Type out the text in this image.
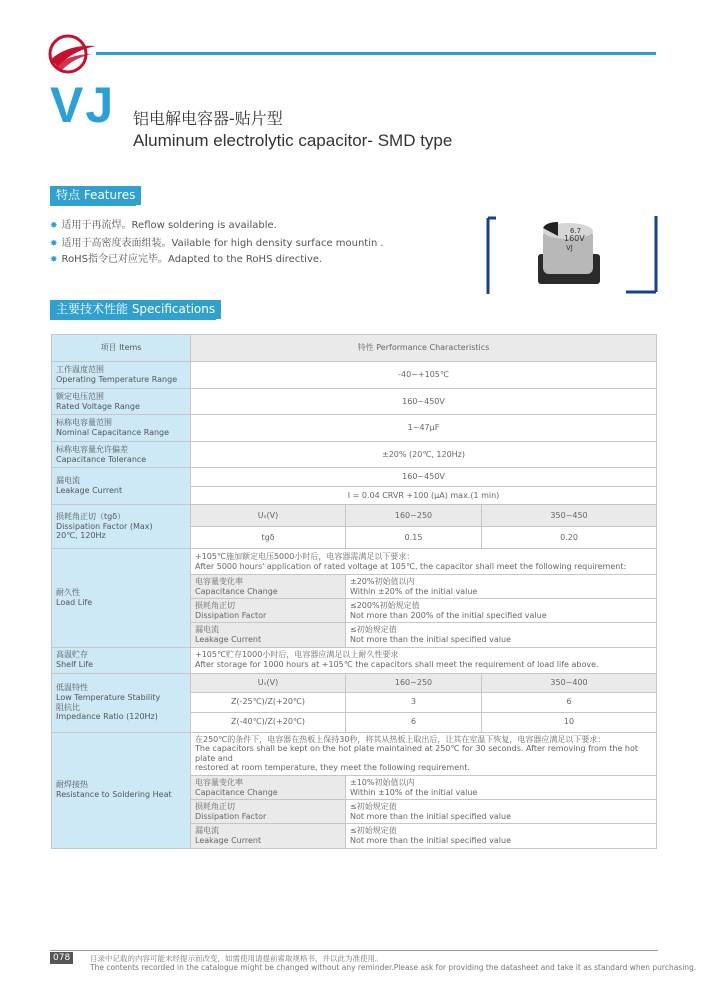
VJ 铝电解电容器-贴片型
Aluminum electrolytic capacitor- SMD type
特点 Features
✸ 适用于再流焊。Reflow soldering is available.
✸ 适用于高密度表面组装。Vailable for high density surface mountin .
✸ RoHS指令已对应完毕。Adapted to the RoHS directive.
6.7
160V
VJ
主要技术性能 Specifications
项目 Items	特性 Performance Characteristics		
工作温度范围
Operating Temperature Range	-40~+105℃		
额定电压范围
Rated Voltage Range	160~450V		
标称电容量范围
Nominal Capacitance Range	1~47μF		
标称电容量允许偏差
Capacitance Tolerance	±20% (20℃, 120Hz)		
漏电流
Leakage Current	160~450V		
	I = 0.04 CRVR +100 (μA) max.(1 min)		
损耗角正切（tgδ）
Dissipation Factor (Max)
20℃, 120Hz	Uₛ(V)	160~250	350~450
	tgδ	0.15	0.20
耐久性
Load Life	+105℃施加额定电压5000小时后，电容器需满足以下要求：
After 5000 hours' application of rated voltage at 105℃, the capacitor shall meet the following requirement:		
	电容量变化率
Capacitance Change	±20%初始值以内
Within ±20% of the initial value	
	损耗角正切
Dissipation Factor	≤200%初始规定值
Not more than 200% of the initial specified value	
	漏电流
Leakage Current	≤初始规定值
Not more than the initial specified value	
高温贮存
Shelf Life	+105℃贮存1000小时后，电容器应满足以上耐久性要求
After storage for 1000 hours at +105℃ the capacitors shall meet the requirement of load life above.		
低温特性
Low Temperature Stability
阻抗比
Impedance Ratio (120Hz)	Uₛ(V)	160~250	350~400
	Z(-25℃)/Z(+20℃)	3	6
	Z(-40℃)/Z(+20℃)	6	10
耐焊接热
Resistance to Soldering Heat	在250℃的条件下，电容器在热板上保持30秒，将其从热板上取出后，让其在室温下恢复，电容器应满足以下要求：
The capacitors shall be kept on the hot plate maintained at 250℃ for 30 seconds. After removing from the hot plate and
restored at room temperature, they meet the following requirement.		
	电容量变化率
Capacitance Change	±10%初始值以内
Within ±10% of the initial value	
	损耗角正切
Dissipation Factor	≤初始规定值
Not more than the initial specified value	
	漏电流
Leakage Current	≤初始规定值
Not more than the initial specified value	
078	目录中记载的内容可能未经提示而改变，如需使用请提前索取规格书，并以此为准使用。
The contents recorded in the catalogue might be changed without any reminder.Please ask for providing the datasheet and take it as standard when purchasing.
